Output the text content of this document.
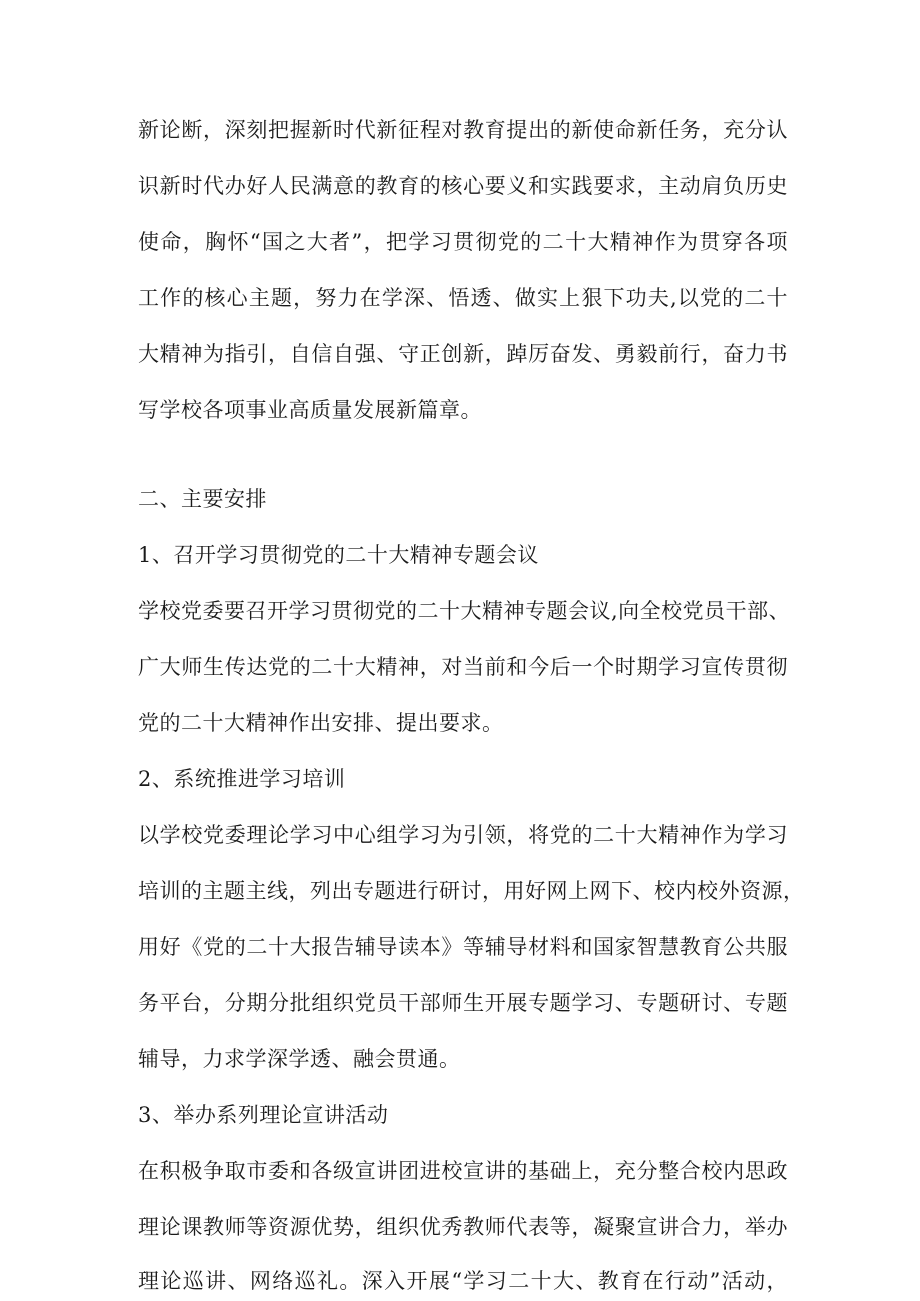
新论断，深刻把握新时代新征程对教育提出的新使命新任务，充分认
识新时代办好人民满意的教育的核心要义和实践要求，主动肩负历史
使命，胸怀“国之大者”，把学习贯彻党的二十大精神作为贯穿各项
工作的核心主题，努力在学深、悟透、做实上狠下功夫,以党的二十
大精神为指引，自信自强、守正创新，踔厉奋发、勇毅前行，奋力书
写学校各项事业高质量发展新篇章。
二、主要安排
1、召开学习贯彻党的二十大精神专题会议
学校党委要召开学习贯彻党的二十大精神专题会议,向全校党员干部、
广大师生传达党的二十大精神，对当前和今后一个时期学习宣传贯彻
党的二十大精神作出安排、提出要求。
2、系统推进学习培训
以学校党委理论学习中心组学习为引领，将党的二十大精神作为学习
培训的主题主线，列出专题进行研讨，用好网上网下、校内校外资源，
用好《党的二十大报告辅导读本》等辅导材料和国家智慧教育公共服
务平台，分期分批组织党员干部师生开展专题学习、专题研讨、专题
辅导，力求学深学透、融会贯通。
3、举办系列理论宣讲活动
在积极争取市委和各级宣讲团进校宣讲的基础上，充分整合校内思政
理论课教师等资源优势，组织优秀教师代表等，凝聚宣讲合力，举办
理论巡讲、网络巡礼。深入开展“学习二十大、教育在行动”活动，
